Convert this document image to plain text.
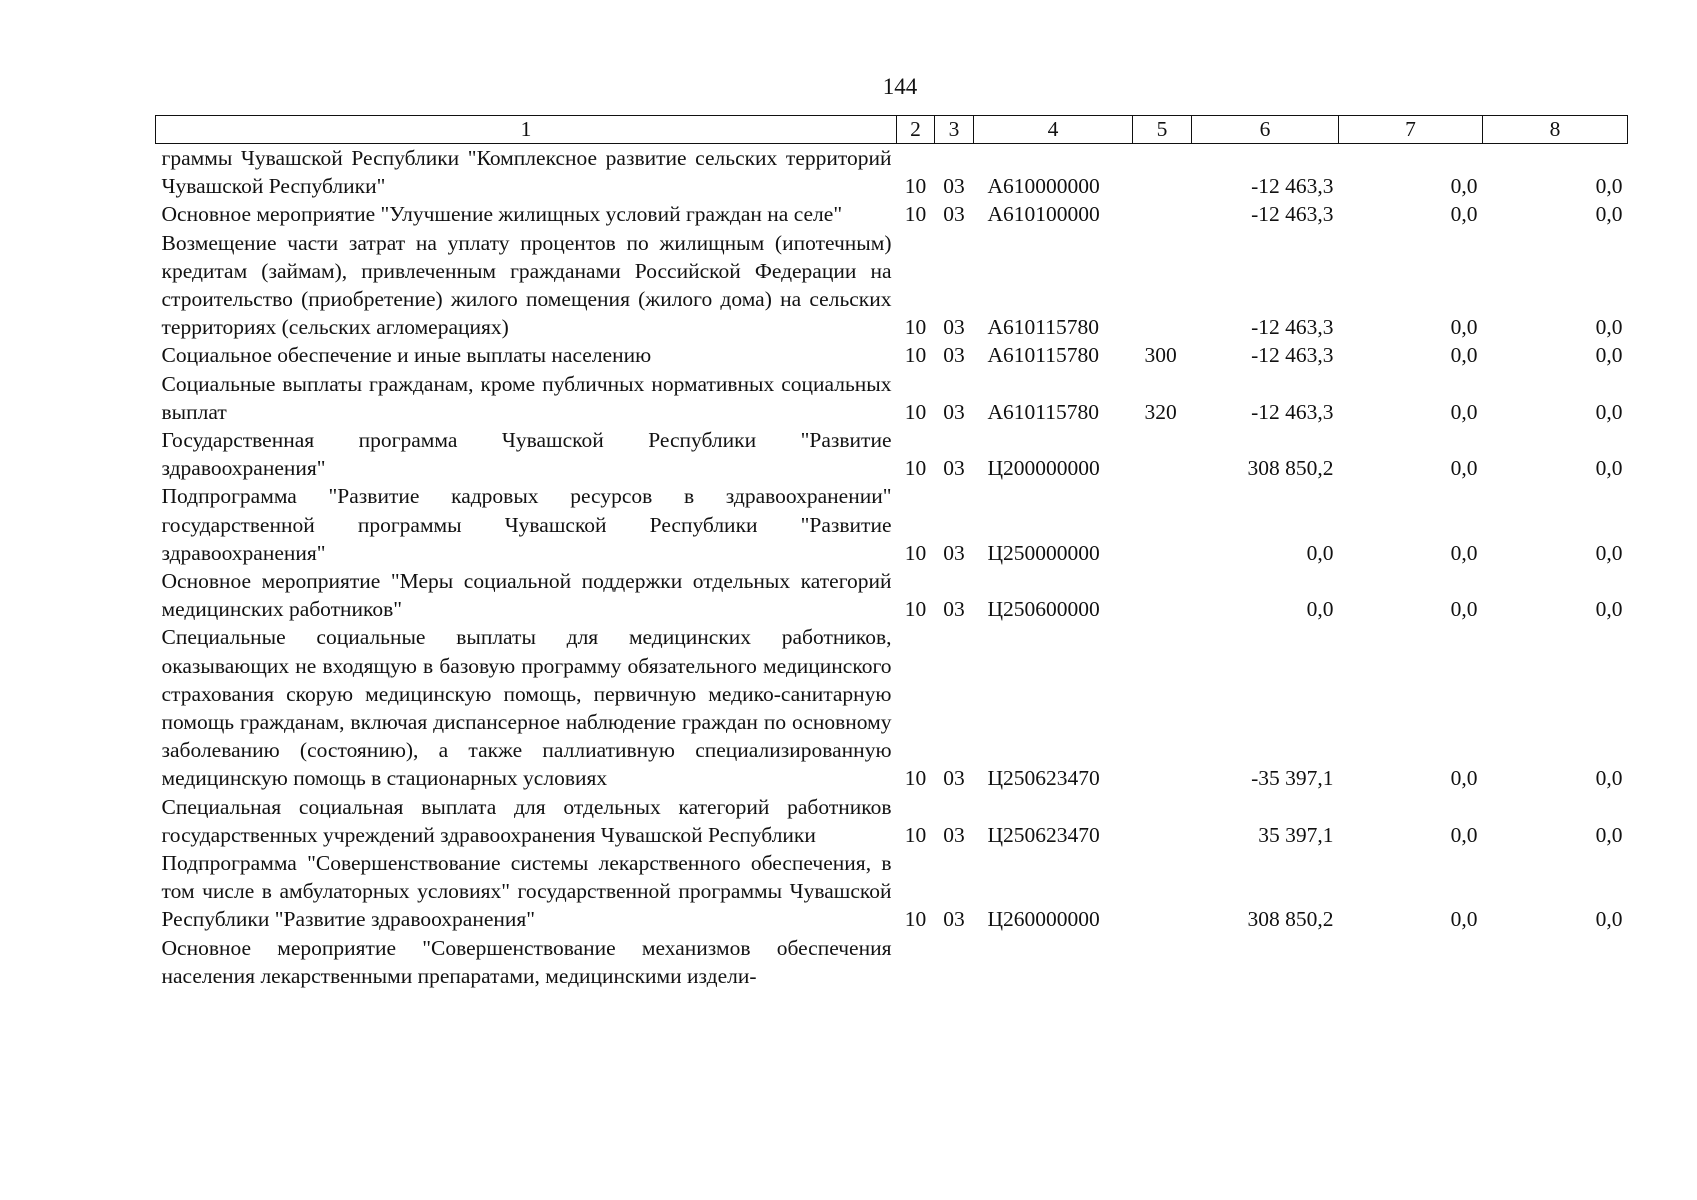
144
1	2	3	4	5	6	7	8
граммы Чувашской Республики "Комплексное развитие сельских территорий Чувашской Республики"	10	03	А610000000		-12 463,3	0,0	0,0
Основное мероприятие "Улучшение жилищных условий граждан на селе"	10	03	А610100000		-12 463,3	0,0	0,0
Возмещение части затрат на уплату процентов по жилищным (ипотечным) кредитам (займам), привлеченным гражданами Российской Федерации на строительство (приобретение) жилого помещения (жилого дома) на сельских территориях (сельских агломерациях)	10	03	А610115780		-12 463,3	0,0	0,0
Социальное обеспечение и иные выплаты населению	10	03	А610115780	300	-12 463,3	0,0	0,0
Социальные выплаты гражданам, кроме публичных нормативных социальных выплат	10	03	А610115780	320	-12 463,3	0,0	0,0
Государственная программа Чувашской Республики "Развитие здравоохранения"	10	03	Ц200000000		308 850,2	0,0	0,0
Подпрограмма "Развитие кадровых ресурсов в здравоохранении" государственной программы Чувашской Республики "Развитие здравоохранения"	10	03	Ц250000000		0,0	0,0	0,0
Основное мероприятие "Меры социальной поддержки отдельных категорий медицинских работников"	10	03	Ц250600000		0,0	0,0	0,0
Специальные социальные выплаты для медицинских работников, оказывающих не входящую в базовую программу обязательного медицинского страхования скорую медицинскую помощь, первичную медико-санитарную помощь гражданам, включая диспансерное наблюдение граждан по основному заболеванию (состоянию), а также паллиативную специализированную медицинскую помощь в стационарных условиях	10	03	Ц250623470		-35 397,1	0,0	0,0
Специальная социальная выплата для отдельных категорий работников государственных учреждений здравоохранения Чувашской Республики	10	03	Ц250623470		35 397,1	0,0	0,0
Подпрограмма "Совершенствование системы лекарственного обеспечения, в том числе в амбулаторных условиях" государственной программы Чувашской Республики "Развитие здравоохранения"	10	03	Ц260000000		308 850,2	0,0	0,0
Основное мероприятие "Совершенствование механизмов обеспечения населения лекарственными препаратами, медицинскими издели-							
